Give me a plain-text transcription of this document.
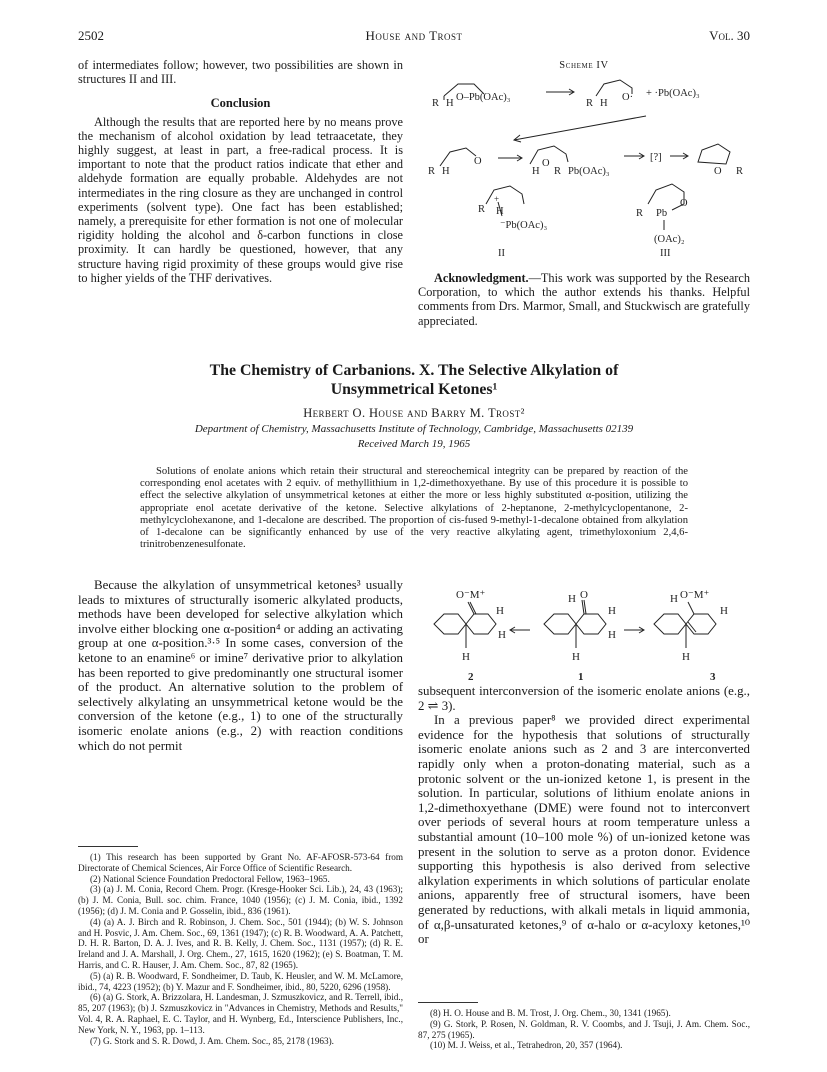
2502	House and Trost	Vol. 30

of intermediates follow; however, two possibilities are shown in structures II and III.

Conclusion

Although the results that are reported here by no means prove the mechanism of alcohol oxidation by lead tetraacetate, they highly suggest, at least in part, a free-radical process. It is important to note that the product ratios indicate that ether and aldehyde formation are equally probable. Aldehydes are not intermediates in the ring closure as they are unchanged in control experiments (solvent type). One fact has been established; namely, a prerequisite for ether formation is not one of molecular rigidity holding the alcohol and δ-carbon functions in close proximity. It can hardly be questioned, however, that any structure having rigid proximity of these groups would give rise to higher yields of the THF derivatives.

Scheme IV
R H
O–Pb(OAc)₃
R H
O· + ·Pb(OAc)₃
R H
O
H
O
R Pb(OAc)₃
[?]
O R
R
+
H
⁻Pb(OAc)₃
II
R Pb
O
(OAc)₂
III

Acknowledgment.—This work was supported by the Research Corporation, to which the author extends his thanks. Helpful comments from Drs. Marmor, Small, and Stuckwisch are gratefully appreciated.

The Chemistry of Carbanions. X. The Selective Alkylation of
Unsymmetrical Ketones¹
Herbert O. House and Barry M. Trost²
Department of Chemistry, Massachusetts Institute of Technology, Cambridge, Massachusetts 02139
Received March 19, 1965
Solutions of enolate anions which retain their structural and stereochemical integrity can be prepared by reaction of the corresponding enol acetates with 2 equiv. of methyllithium in 1,2-dimethoxyethane. By use of this procedure it is possible to effect the selective alkylation of unsymmetrical ketones at either the more or less highly substituted α-position, utilizing the appropriate enol acetate derivative of the ketone. Selective alkylations of 2-heptanone, 2-methylcyclopentanone, 2-methylcyclohexanone, and 1-decalone are described. The proportion of cis-fused 9-methyl-1-decalone obtained from alkylation of 1-decalone can be significantly enhanced by use of the very reactive alkylating agent, trimethyloxonium 2,4,6-trinitrobenzenesulfonate.

Because the alkylation of unsymmetrical ketones³ usually leads to mixtures of structurally isomeric alkylated products, methods have been developed for selective alkylation which involve either blocking one α-position⁴ or adding an activating group at one α-position.³·⁵ In some cases, conversion of the ketone to an enamine⁶ or imine⁷ derivative prior to alkylation has been reported to give predominantly one structural isomer of the product. An alternative solution to the problem of selectively alkylating an unsymmetrical ketone would be the conversion of the ketone (e.g., 1) to one of the structurally isomeric enolate anions (e.g., 2) with reaction conditions which do not permit

O⁻M⁺
H
H
H
2
H O
H
H
H
1
H O⁻M⁺
H
H
3

subsequent interconversion of the isomeric enolate anions (e.g., 2 ⇌ 3).

In a previous paper⁸ we provided direct experimental evidence for the hypothesis that solutions of structurally isomeric enolate anions such as 2 and 3 are interconverted rapidly only when a proton-donating material, such as a protonic solvent or the un-ionized ketone 1, is present in the solution. In particular, solutions of lithium enolate anions in 1,2-dimethoxyethane (DME) were found not to interconvert over periods of several hours at room temperature unless a substantial amount (10–100 mole %) of un-ionized ketone was present in the solution to serve as a proton donor. Evidence supporting this hypothesis is also derived from selective alkylation experiments in which solutions of particular enolate anions, apparently free of structural isomers, have been generated by reductions, with alkali metals in liquid ammonia, of α,β-unsaturated ketones,⁹ of α-halo or α-acyloxy ketones,¹⁰ or

(1) This research has been supported by Grant No. AF-AFOSR-573-64 from Directorate of Chemical Sciences, Air Force Office of Scientific Research.

(2) National Science Foundation Predoctoral Fellow, 1963–1965.

(3) (a) J. M. Conia, Record Chem. Progr. (Kresge-Hooker Sci. Lib.), 24, 43 (1963); (b) J. M. Conia, Bull. soc. chim. France, 1040 (1956); (c) J. M. Conia, ibid., 1392 (1956); (d) J. M. Conia and P. Gosselin, ibid., 836 (1961).

(4) (a) A. J. Birch and R. Robinson, J. Chem. Soc., 501 (1944); (b) W. S. Johnson and H. Posvic, J. Am. Chem. Soc., 69, 1361 (1947); (c) R. B. Woodward, A. A. Patchett, D. H. R. Barton, D. A. J. Ives, and R. B. Kelly, J. Chem. Soc., 1131 (1957); (d) R. E. Ireland and J. A. Marshall, J. Org. Chem., 27, 1615, 1620 (1962); (e) S. Boatman, T. M. Harris, and C. R. Hauser, J. Am. Chem. Soc., 87, 82 (1965).

(5) (a) R. B. Woodward, F. Sondheimer, D. Taub, K. Heusler, and W. M. McLamore, ibid., 74, 4223 (1952); (b) Y. Mazur and F. Sondheimer, ibid., 80, 5220, 6296 (1958).

(6) (a) G. Stork, A. Brizzolara, H. Landesman, J. Szmuszkovicz, and R. Terrell, ibid., 85, 207 (1963); (b) J. Szmuszkovicz in "Advances in Chemistry, Methods and Results," Vol. 4, R. A. Raphael, E. C. Taylor, and H. Wynberg, Ed., Interscience Publishers, Inc., New York, N. Y., 1963, pp. 1–113.

(7) G. Stork and S. R. Dowd, J. Am. Chem. Soc., 85, 2178 (1963).

(8) H. O. House and B. M. Trost, J. Org. Chem., 30, 1341 (1965).

(9) G. Stork, P. Rosen, N. Goldman, R. V. Coombs, and J. Tsuji, J. Am. Chem. Soc., 87, 275 (1965).

(10) M. J. Weiss, et al., Tetrahedron, 20, 357 (1964).
